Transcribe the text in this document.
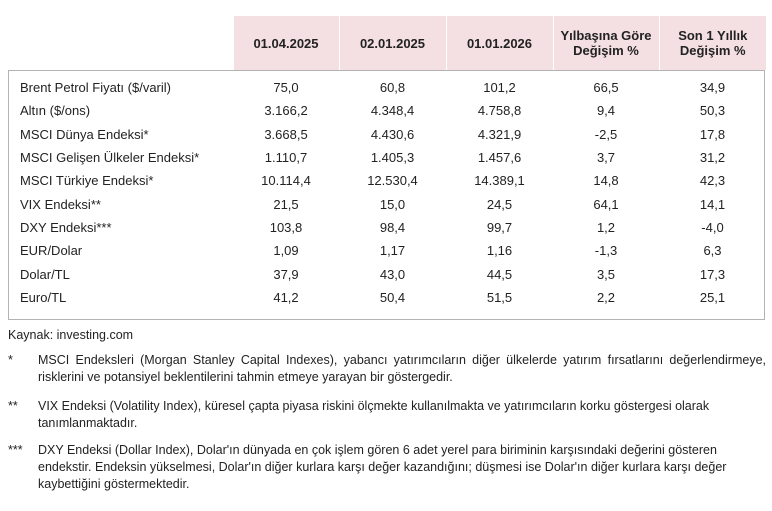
	01.04.2025	02.01.2025	01.01.2026	Yılbaşına Göre Değişim %	Son 1 Yıllık Değişim %
Brent Petrol Fiyatı ($/varil)	75,0	60,8	101,2	66,5	34,9
Altın ($/ons)	3.166,2	4.348,4	4.758,8	9,4	50,3
MSCI Dünya Endeksi*	3.668,5	4.430,6	4.321,9	-2,5	17,8
MSCI Gelişen Ülkeler Endeksi*	1.110,7	1.405,3	1.457,6	3,7	31,2
MSCI Türkiye Endeksi*	10.114,4	12.530,4	14.389,1	14,8	42,3
VIX Endeksi**	21,5	15,0	24,5	64,1	14,1
DXY Endeksi***	103,8	98,4	99,7	1,2	-4,0
EUR/Dolar	1,09	1,17	1,16	-1,3	6,3
Dolar/TL	37,9	43,0	44,5	3,5	17,3
Euro/TL	41,2	50,4	51,5	2,2	25,1
Kaynak: investing.com
* MSCI Endeksleri (Morgan Stanley Capital Indexes), yabancı yatırımcıların diğer ülkelerde yatırım fırsatlarını değerlendirmeye, risklerini ve potansiyel beklentilerini tahmin etmeye yarayan bir göstergedir.
** VIX Endeksi (Volatility Index), küresel çapta piyasa riskini ölçmekte kullanılmakta ve yatırımcıların korku göstergesi olarak tanımlanmaktadır.
*** DXY Endeksi (Dollar Index), Dolar'ın dünyada en çok işlem gören 6 adet yerel para biriminin karşısındaki değerini gösteren endekstir. Endeksin yükselmesi, Dolar'ın diğer kurlara karşı değer kazandığını; düşmesi ise Dolar'ın diğer kurlara karşı değer kaybettiğini göstermektedir.
